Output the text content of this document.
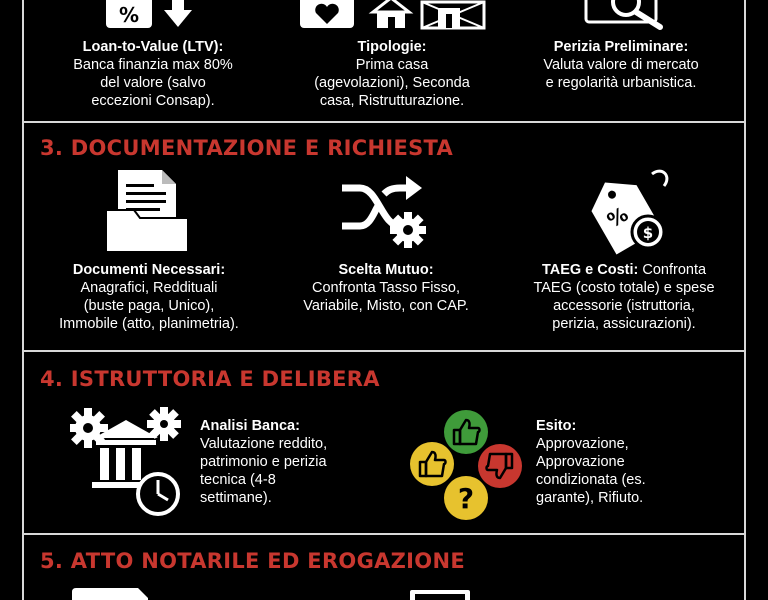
%
Loan-to-Value (LTV):
Banca finanzia max 80%
del valore (salvo
eccezioni Consap).
Tipologie:
Prima casa
(agevolazioni), Seconda
casa, Ristrutturazione.
Perizia Preliminare:
Valuta valore di mercato
e regolarità urbanistica.
3. DOCUMENTAZIONE E RICHIESTA
%
$
Documenti Necessari:
Anagrafici, Reddituali
(buste paga, Unico),
Immobile (atto, planimetria).
Scelta Mutuo:
Confronta Tasso Fisso,
Variabile, Misto, con CAP.
TAEG e Costi: Confronta
TAEG (costo totale) e spese
accessorie (istruttoria,
perizia, assicurazioni).
4. ISTRUTTORIA E DELIBERA
Analisi Banca:
Valutazione reddito,
patrimonio e perizia
tecnica (4-8
settimane).	?
Esito:
Approvazione,
Approvazione
condizionata (es.
garante), Rifiuto.
5. ATTO NOTARILE ED EROGAZIONE
